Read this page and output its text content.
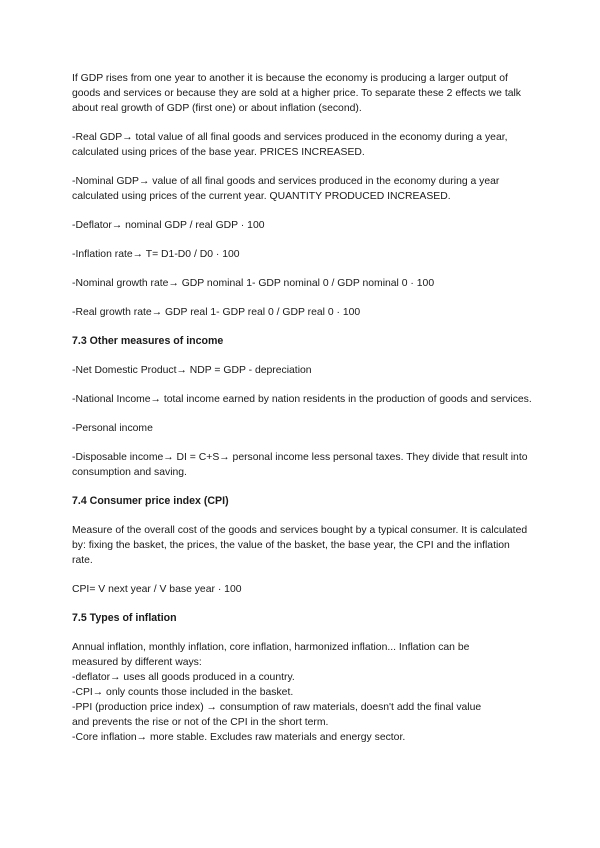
If GDP rises from one year to another it is because the economy is producing a larger output of goods and services or because they are sold at a higher price. To separate these 2 effects we talk about real growth of GDP (first one) or about inflation (second).

-Real GDP→ total value of all final goods and services produced in the economy during a year, calculated using prices of the base year. PRICES INCREASED.

-Nominal GDP→ value of all final goods and services produced in the economy during a year calculated using prices of the current year. QUANTITY PRODUCED INCREASED.

-Deflator→ nominal GDP / real GDP · 100

-Inflation rate→ T= D1-D0 / D0 · 100

-Nominal growth rate→ GDP nominal 1- GDP nominal 0 / GDP nominal 0 · 100

-Real growth rate→ GDP real 1- GDP real 0 / GDP real 0 · 100

7.3 Other measures of income

-Net Domestic Product→ NDP = GDP - depreciation

-National Income→ total income earned by nation residents in the production of goods and services.

-Personal income

-Disposable income→ DI = C+S→ personal income less personal taxes. They divide that result into consumption and saving.

7.4 Consumer price index (CPI)

Measure of the overall cost of the goods and services bought by a typical consumer. It is calculated by: fixing the basket, the prices, the value of the basket, the base year, the CPI and the inflation rate.

CPI= V next year / V base year · 100

7.5 Types of inflation

Annual inflation, monthly inflation, core inflation, harmonized inflation... Inflation can be

measured by different ways:

-deflator→ uses all goods produced in a country.

-CPI→ only counts those included in the basket.

-PPI (production price index) → consumption of raw materials, doesn't add the final value

and prevents the rise or not of the CPI in the short term.

-Core inflation→ more stable. Excludes raw materials and energy sector.
